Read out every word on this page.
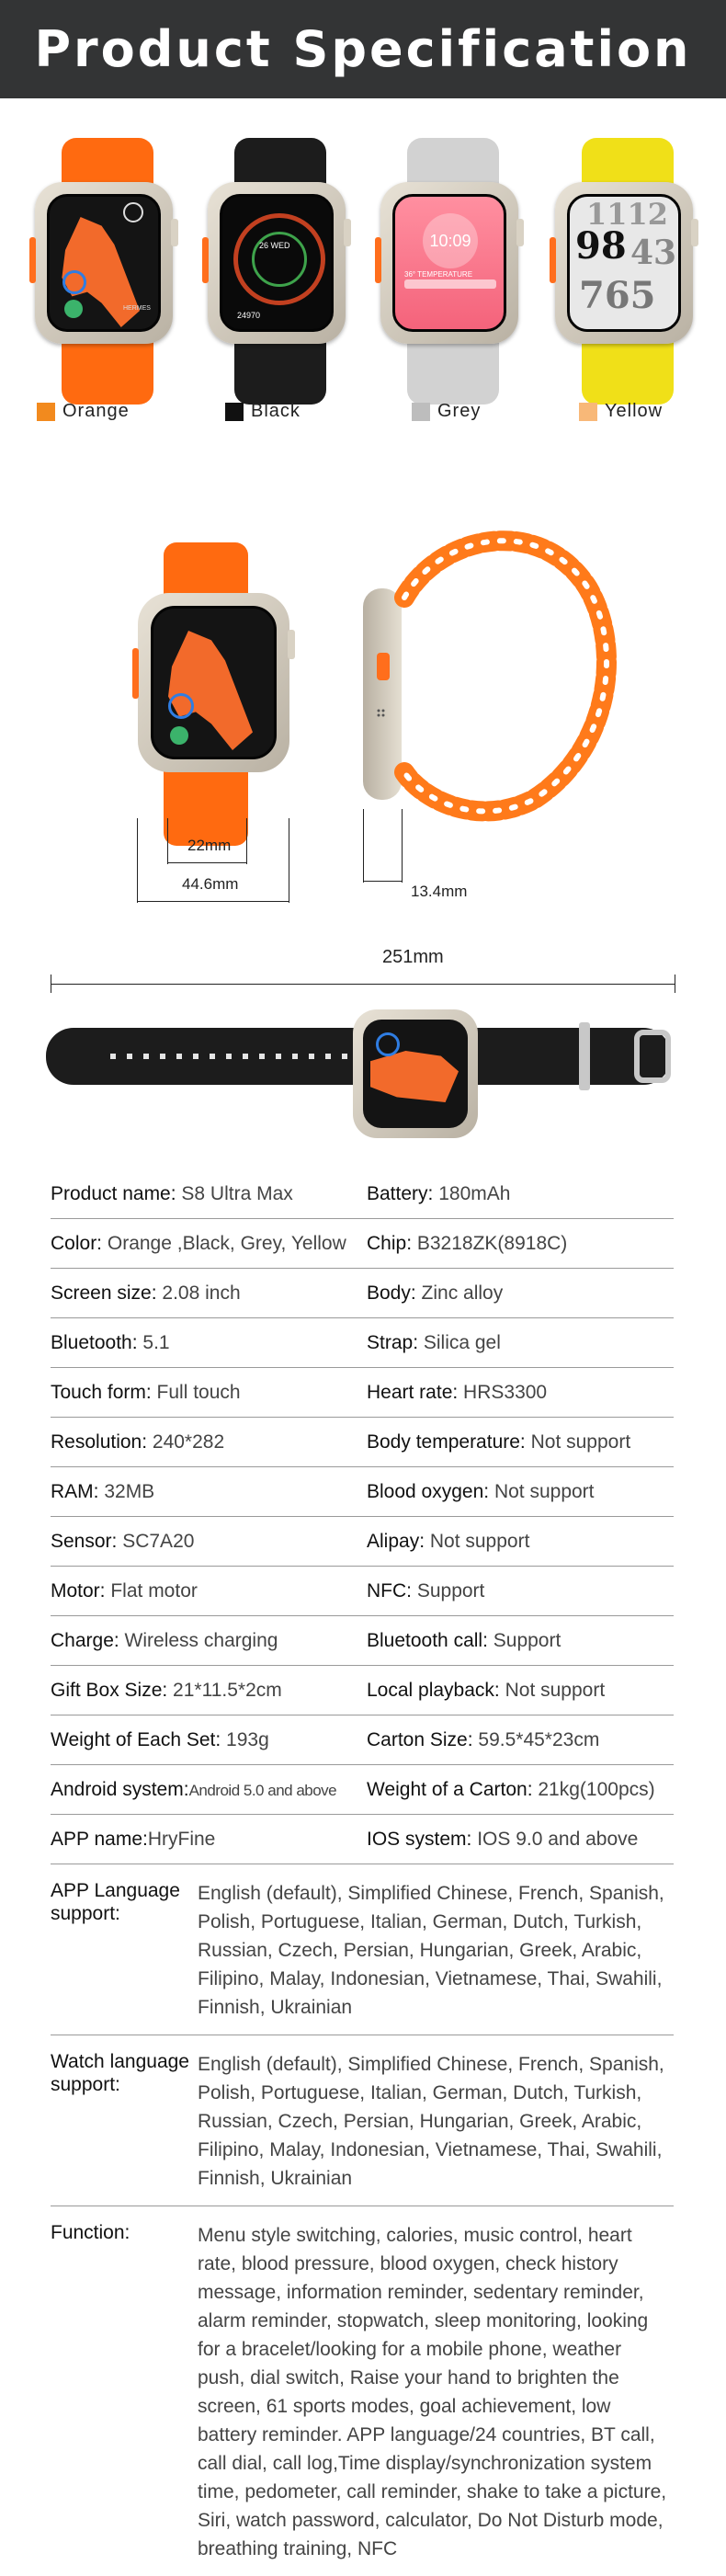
Product Specification
HERMES
Orange
26 WED
24970
Black
10:09
36° TEMPERATURE
Grey
1112
98 43
765
Yellow
22mm
44.6mm	13.4mm
251mm
Product name: S8 Ultra Max	Battery: 180mAh
Color: Orange ,Black, Grey, Yellow	Chip: B3218ZK(8918C)
Screen size: 2.08 inch	Body: Zinc alloy
Bluetooth: 5.1	Strap: Silica gel
Touch form: Full touch	Heart rate: HRS3300
Resolution: 240*282	Body temperature: Not support
RAM: 32MB	Blood oxygen: Not support
Sensor: SC7A20	Alipay: Not support
Motor: Flat motor	NFC: Support
Charge: Wireless charging	Bluetooth call: Support
Gift Box Size: 21*11.5*2cm	Local playback: Not support
Weight of Each Set: 193g	Carton Size: 59.5*45*23cm
Android system:Android 5.0 and above	Weight of a Carton: 21kg(100pcs)
APP name:HryFine	IOS system: IOS 9.0 and above
APP Language support:
English (default), Simplified Chinese, French, Spanish, Polish, Portuguese, Italian, German, Dutch, Turkish, Russian, Czech, Persian, Hungarian, Greek, Arabic, Filipino, Malay, Indonesian, Vietnamese, Thai, Swahili, Finnish, Ukrainian
Watch language support:
English (default), Simplified Chinese, French, Spanish, Polish, Portuguese, Italian, German, Dutch, Turkish, Russian, Czech, Persian, Hungarian, Greek, Arabic, Filipino, Malay, Indonesian, Vietnamese, Thai, Swahili, Finnish, Ukrainian
Function:	Menu style switching, calories, music control, heart rate, blood pressure, blood oxygen, check history message, information reminder, sedentary reminder, alarm reminder, stopwatch, sleep monitoring, looking for a bracelet/looking for a mobile phone, weather push, dial switch, Raise your hand to brighten the screen, 61 sports modes, goal achievement, low battery reminder. APP language/24 countries, BT call, call dial, call log,Time display/synchronization system time, pedometer, call reminder, shake to take a picture, Siri, watch password, calculator, Do Not Disturb mode, breathing training, NFC
